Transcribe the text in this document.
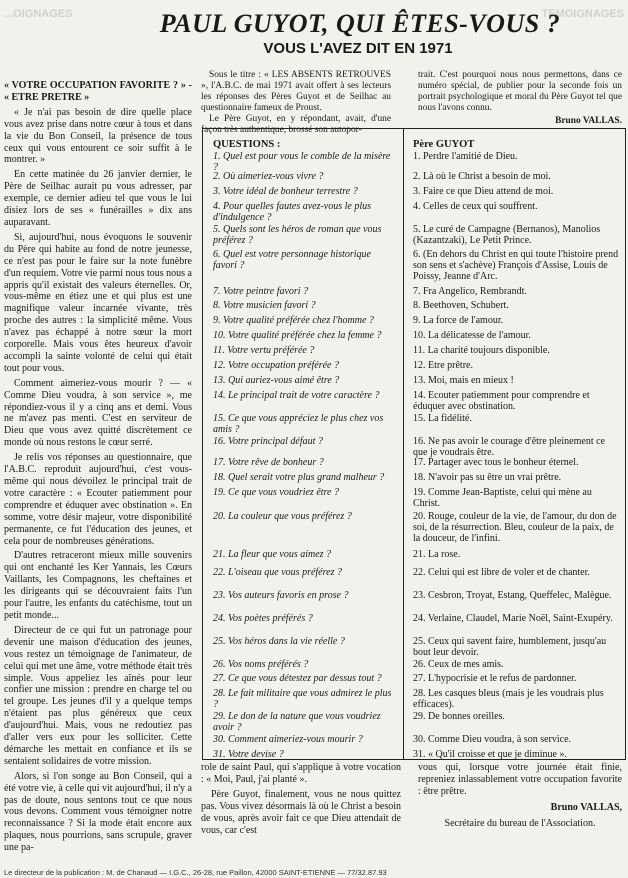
...OIGNAGES	TEMOIGNAGES
PAUL GUYOT, QUI ÊTES-VOUS ?
VOUS L'AVEZ DIT EN 1971

« VOTRE OCCUPATION FAVORITE ? » - « ETRE PRETRE »

« Je n'ai pas besoin de dire quelle place vous avez prise dans notre cœur à tous et dans la vie du Bon Conseil, la présence de tous ceux qui vous entourent ce soir suffit à le montrer. »

En cette matinée du 26 janvier dernier, le Père de Seilhac aurait pu vous adresser, par exemple, ce dernier adieu tel que vous le lui disiez lors de ses « funérailles » dix ans auparavant.

Si, aujourd'hui, nous évoquons le souvenir du Père qui habite au fond de notre jeunesse, ce n'est pas pour le faire sur la note funèbre d'un requiem. Votre vie parmi nous tous nous a appris qu'il existait des valeurs éternelles. Or, vous-même en étiez une et qui plus est une magnifique valeur incarnée vivante, très proche des autres : la simplicité même. Vous n'avez pas échappé à notre sœur la mort corporelle. Mais vous êtes heureux d'avoir accompli la sainte volonté de celui qui était tout pour vous.

Comment aimeriez-vous mourir ? — « Comme Dieu voudra, à son service », me répondiez-vous il y a cinq ans et demi. Vous ne m'avez pas menti. C'est en serviteur de Dieu que vous avez quitté discrètement ce monde où nous restons le cœur serré.

Je relis vos réponses au questionnaire, que l'A.B.C. reproduit aujourd'hui, c'est vous-même qui nous dévoilez le principal trait de votre caractère : « Ecouter patiemment pour comprendre et éduquer avec obstination ». En somme, votre désir majeur, votre disponibilité permanente, ce fut l'éducation des jeunes, et cela pour de nombreuses générations.

D'autres retraceront mieux mille souvenirs qui ont enchanté les Ker Yannais, les Cœurs Vaillants, les Compagnons, les cheftaines et les dirigeants qui se découvraient faits l'un pour l'autre, les enfants du catéchisme, tout un petit monde...

Directeur de ce qui fut un patronage pour devenir une maison d'éducation des jeunes, vous restez un témoignage de l'animateur, de celui qui met une âme, votre méthode était très simple. Vous appeliez les aînés pour leur confier une mission : prendre en charge tel ou tel groupe. Les jeunes d'il y a quelque temps n'étaient pas plus généreux que ceux d'aujourd'hui. Mais, vous ne redoutiez pas d'aller vers eux pour les solliciter. Cette démarche les mettait en confiance et ils se sentaient solidaires de votre mission.

Alors, si l'on songe au Bon Conseil, qui a été votre vie, à celle qui vit aujourd'hui, il n'y a pas de doute, nous sentons tout ce que nous vous devons. Comment vous témoigner notre reconnaissance ? Si la mode était encore aux plaques, nous pourrions, sans scrupule, graver une pa-

Sous le titre : « LES ABSENTS RETROUVES », l'A.B.C. de mai 1971 avait offert à ses lecteurs les réponses des Pères Guyot et de Seilhac au questionnaire fameux de Proust.

Le Père Guyot, en y répondant, avait, d'une façon très authentique, brossé son autopor-

trait. C'est pourquoi nous nous permettons, dans ce numéro spécial, de publier pour la seconde fois un portrait psychologique et moral du Père Guyot tel que nous l'avons connu.
Bruno VALLAS.
QUESTIONS :	Père GUYOT
1. Quel est pour vous le comble de la misère ?
1. Perdre l'amitié de Dieu.
2. Où aimeriez-vous vivre ?	2. Là où le Christ a besoin de moi.
3. Votre idéal de bonheur terrestre ?	3. Faire ce que Dieu attend de moi.
4. Pour quelles fautes avez-vous le plus d'indulgence ?
4. Celles de ceux qui souffrent.
5. Quels sont les héros de roman que vous préférez ?
5. Le curé de Campagne (Bernanos), Manolios (Kazantzaki), Le Petit Prince.
6. Quel est votre personnage historique favori ?
6. (En dehors du Christ en qui toute l'histoire prend son sens et s'achève) François d'Assise, Louis de Poissy, Jeanne d'Arc.
7. Votre peintre favori ?	7. Fra Angelico, Rembrandt.
8. Votre musicien favori ?	8. Beethoven, Schubert.
9. Votre qualité préférée chez l'homme ?	9. La force de l'amour.
10. Votre qualité préférée chez la femme ?	10. La délicatesse de l'amour.
11. Votre vertu préférée ?	11. La charité toujours disponible.
12. Votre occupation préférée ?	12. Etre prêtre.
13. Qui auriez-vous aimé être ?	13. Moi, mais en mieux !
14. Le principal trait de votre caractère ?	14. Ecouter patiemment pour comprendre et éduquer avec obstination.
15. Ce que vous appréciez le plus chez vos amis ?
15. La fidélité.
16. Votre principal défaut ?	16. Ne pas avoir le courage d'être pleinement ce que je voudrais être.
17. Votre rêve de bonheur ?	17. Partager avec tous le bonheur éternel.
18. Quel serait votre plus grand malheur ?	18. N'avoir pas su être un vrai prêtre.
19. Ce que vous voudriez être ?	19. Comme Jean-Baptiste, celui qui mène au Christ.
20. La couleur que vous préférez ?	20. Rouge, couleur de la vie, de l'amour, du don de soi, de la résurrection. Bleu, couleur de la paix, de la douceur, de l'infini.
21. La fleur que vous aimez ?	21. La rose.
22. L'oiseau que vous préférez ?	22. Celui qui est libre de voler et de chanter.
23. Vos auteurs favoris en prose ?	23. Cesbron, Troyat, Estang, Queffelec, Malègue.
24. Vos poètes préférés ?	24. Verlaine, Claudel, Marie Noël, Saint-Exupéry.
25. Vos héros dans la vie réelle ?	25. Ceux qui savent faire, humblement, jusqu'au bout leur devoir.
26. Vos noms préférés ?	26. Ceux de mes amis.
27. Ce que vous détestez par dessus tout ?	27. L'hypocrisie et le refus de pardonner.
28. Le fait militaire que vous admirez le plus ?
28. Les casques bleus (mais je les voudrais plus efficaces).
29. Le don de la nature que vous voudriez avoir ?
29. De bonnes oreilles.
30. Comment aimeriez-vous mourir ?	30. Comme Dieu voudra, à son service.
31. Votre devise ?	31. « Qu'il croisse et que je diminue ».

role de saint Paul, qui s'applique à votre vocation : « Moi, Paul, j'ai planté ».

Père Guyot, finalement, vous ne nous quittez pas. Vous vivez désormais là où le Christ a besoin de vous, après avoir fait ce que Dieu attendait de vous, car c'est

vous qui, lorsque votre journée était finie, repreniez inlassablement votre occupation favorite : être prêtre.

Bruno VALLAS,

Secrétaire du bureau de l'Association.

Le directeur de la publication : M. de Chanaud — I.G.C., 26-28, rue Paillon, 42000 SAINT-ETIENNE — 77/32.87.93
